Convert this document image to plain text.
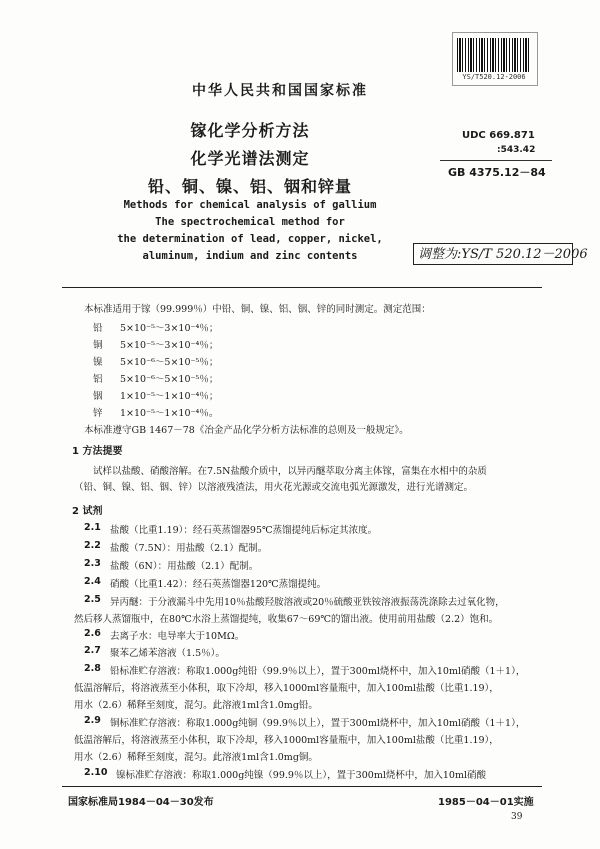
YS/T520.12-2006
中华人民共和国国家标准
镓化学分析方法
化学光谱法测定
铅、铜、镍、铝、铟和锌量
UDC 669.871
:543.42
GB 4375.12－84
Methods for chemical analysis of gallium
The spectrochemical method for
the determination of lead, copper, nickel,
aluminum, indium and zinc contents	调整为:YS/T 520.12－2006
本标准适用于镓（99.999％）中铅、铜、镍、铝、铟、锌的同时测定。测定范围：
铅 5×10⁻⁵～3×10⁻⁴％；
铜 5×10⁻⁵～3×10⁻⁴％；
镍 5×10⁻⁶～5×10⁻⁵％；
铝 5×10⁻⁶～5×10⁻⁵％；
铟 1×10⁻⁵～1×10⁻⁴％；
锌 1×10⁻⁵～1×10⁻⁴％。
本标准遵守GB 1467－78《冶金产品化学分析方法标准的总则及一般规定》。
1 方法提要
试样以盐酸、硝酸溶解。在7.5N盐酸介质中，以异丙醚萃取分离主体镓，富集在水相中的杂质
（铅、铜、镍、铝、铟、锌）以溶液残渣法，用火花光源或交流电弧光源激发，进行光谱测定。
2 试剂
2.1 盐酸（比重1.19）：经石英蒸馏器95℃蒸馏提纯后标定其浓度。
2.2 盐酸（7.5N）：用盐酸（2.1）配制。
2.3 盐酸（6N）：用盐酸（2.1）配制。
2.4 硝酸（比重1.42）：经石英蒸馏器120℃蒸馏提纯。
2.5 异丙醚：于分液漏斗中先用10％盐酸羟胺溶液或20％硫酸亚铁铵溶液振荡洗涤除去过氧化物，
然后移人蒸馏瓶中，在80℃水浴上蒸馏提纯，收集67～69℃的馏出液。使用前用盐酸（2.2）饱和。
2.6 去离子水：电导率大于10MΩ。
2.7 聚苯乙烯苯溶液（1.5％）。
2.8 铅标准贮存溶液：称取1.000g纯铅（99.9％以上），置于300ml烧杯中，加入10ml硝酸（1＋1），
低温溶解后，将溶液蒸至小体积，取下冷却，移入1000ml容量瓶中，加入100ml盐酸（比重1.19），
用水（2.6）稀释至刻度，混匀。此溶液1ml含1.0mg铅。
2.9 铜标准贮存溶液：称取1.000g纯铜（99.9％以上），置于300ml烧杯中，加入10ml硝酸（1＋1），
低温溶解后，将溶液蒸至小体积，取下冷却，移入1000ml容量瓶中，加入100ml盐酸（比重1.19），
用水（2.6）稀释至刻度，混匀。此溶液1ml含1.0mg铜。
2.10 镍标准贮存溶液：称取1.000g纯镍（99.9％以上），置于300ml烧杯中，加入10ml硝酸
国家标准局1984－04－30发布	1985－04－01实施
39
